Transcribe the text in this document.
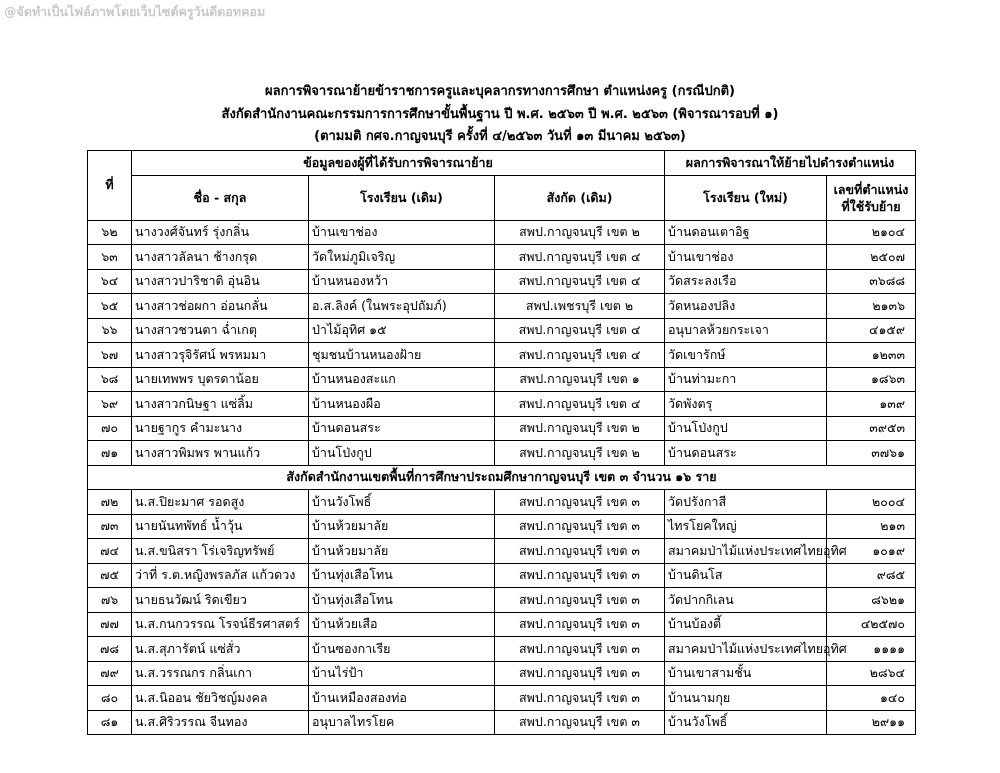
@จัดทำเป็นไฟล์ภาพโดยเว็บไซต์ครูวันดีดอทคอม
ผลการพิจารณาย้ายข้าราชการครูและบุคลากรทางการศึกษา ตำแหน่งครู (กรณีปกติ)
สังกัดสำนักงานคณะกรรมการการศึกษาขั้นพื้นฐาน ปี พ.ศ. ๒๕๖๓ ปี พ.ศ. ๒๕๖๓ (พิจารณารอบที่ ๑)
(ตามมติ กศจ.กาญจนบุรี ครั้งที่ ๔/๒๕๖๓ วันที่ ๑๓ มีนาคม ๒๕๖๓)
ที่	ข้อมูลของผู้ที่ได้รับการพิจารณาย้าย			ผลการพิจารณาให้ย้ายไปดำรงตำแหน่ง	
	ชื่อ - สกุล	โรงเรียน (เดิม)	สังกัด (เดิม)	โรงเรียน (ใหม่)	เลขที่ตำแหน่งที่ใช้รับย้าย
๖๒	นางวงศ์จันทร์ รุ่งกลิ่น	บ้านเขาช่อง	สพป.กาญจนบุรี เขต ๒	บ้านดอนเตาอิฐ	๒๑๐๔
๖๓	นางสาวลัลนา ช้างกรุด	วัดใหม่ภูมิเจริญ	สพป.กาญจนบุรี เขต ๔	บ้านเขาช่อง	๒๕๐๗
๖๔	นางสาวปาริชาติ อุ่นอิน	บ้านหนองหว้า	สพป.กาญจนบุรี เขต ๔	วัดสระลงเรือ	๓๖๘๘
๖๕	นางสาวช่อผกา อ่อนกลั่น	อ.ส.ลิงค์ (ในพระอุปถัมภ์)	สพป.เพชรบุรี เขต ๒	วัดหนองปลิง	๒๑๓๖
๖๖	นางสาวชวนตา ฉ่ำเกตุ	ป่าไม้อุทิศ ๑๕	สพป.กาญจนบุรี เขต ๔	อนุบาลห้วยกระเจา	๔๑๕๙
๖๗	นางสาวรุจิรัศน์ พรหมมา	ชุมชนบ้านหนองฝ้าย	สพป.กาญจนบุรี เขต ๔	วัดเขารักษ์	๑๒๓๓
๖๘	นายเทพพร บุตรดาน้อย	บ้านหนองสะแก	สพป.กาญจนบุรี เขต ๑	บ้านท่ามะกา	๑๘๖๓
๖๙	นางสาวกนิษฐา แซ่ลิ้ม	บ้านหนองผือ	สพป.กาญจนบุรี เขต ๔	วัดพังตรุ	๑๓๙
๗๐	นายฐากูร คำมะนาง	บ้านดอนสระ	สพป.กาญจนบุรี เขต ๒	บ้านโป่งกูป	๓๙๕๓
๗๑	นางสาวพิมพร พานแก้ว	บ้านโป่งกูป	สพป.กาญจนบุรี เขต ๒	บ้านดอนสระ	๓๗๖๑
สังกัดสำนักงานเขตพื้นที่การศึกษาประถมศึกษากาญจนบุรี เขต ๓ จำนวน ๑๖ ราย					
๗๒	น.ส.ปิยะมาศ รอดสูง	บ้านวังโพธิ์	สพป.กาญจนบุรี เขต ๓	วัดปรังกาสี	๒๐๐๔
๗๓	นายนันทพัทธ์ น้ำวุ้น	บ้านห้วยมาลัย	สพป.กาญจนบุรี เขต ๓	ไทรโยคใหญ่	๒๑๓
๗๔	น.ส.ขนิสรา โร่เจริญทรัพย์	บ้านห้วยมาลัย	สพป.กาญจนบุรี เขต ๓	สมาคมป่าไม้แห่งประเทศไทยอุทิศ	๑๐๑๙
๗๕	ว่าที่ ร.ต.หญิงพรลภัส แก้วดวง	บ้านทุ่งเสือโทน	สพป.กาญจนบุรี เขต ๓	บ้านดินโส	๙๘๕
๗๖	นายธนวัฒน์ ริดเขียว	บ้านทุ่งเสือโทน	สพป.กาญจนบุรี เขต ๓	วัดปากกิเลน	๘๖๒๑
๗๗	น.ส.กนกวรรณ โรจน์ธีรศาสตร์	บ้านห้วยเสือ	สพป.กาญจนบุรี เขต ๓	บ้านบ้องตี้	๔๒๕๗๐
๗๘	น.ส.สุภารัตน์ แซ่สั่ว	บ้านซองกาเรีย	สพป.กาญจนบุรี เขต ๓	สมาคมป่าไม้แห่งประเทศไทยอุทิศ	๑๑๑๑
๗๙	น.ส.วรรณกร กลิ่นเกา	บ้านไร่ป้า	สพป.กาญจนบุรี เขต ๓	บ้านเขาสามชั้น	๒๘๖๔
๘๐	น.ส.นิออน ชัยวิชญ์มงคล	บ้านเหมืองสองท่อ	สพป.กาญจนบุรี เขต ๓	บ้านนามกุย	๑๔๐
๘๑	น.ส.ศิริวรรณ จีนทอง	อนุบาลไทรโยค	สพป.กาญจนบุรี เขต ๓	บ้านวังโพธิ์	๒๙๑๑
